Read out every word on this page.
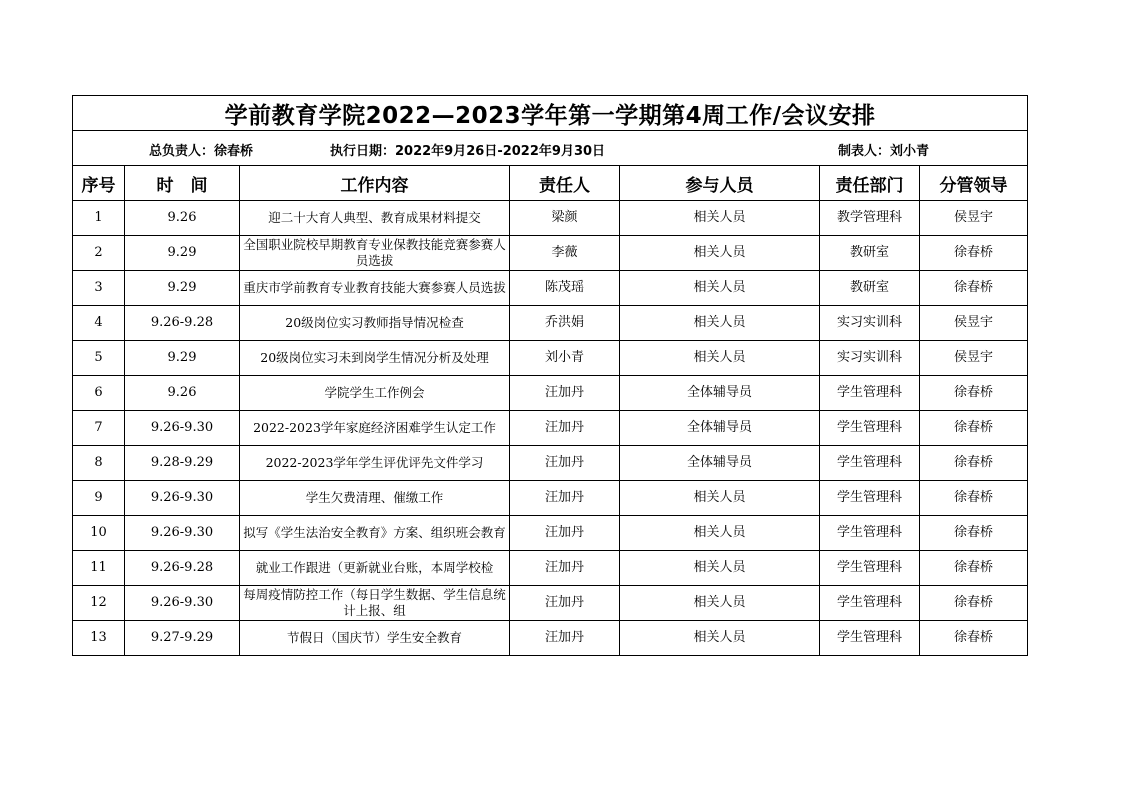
学前教育学院2022—2023学年第一学期第4周工作/会议安排						

总负责人：徐春桥 执行日期：2022年9月26日-2022年9月30日 制表人：刘小青						

序号	时　间	工作内容	责任人	参与人员	责任部门	分管领导
1	9.26	迎二十大育人典型、教育成果材料提交	梁颜	相关人员	教学管理科	侯昱宇
2	9.29	全国职业院校早期教育专业保教技能竞赛参赛人员选拔	李薇	相关人员	教研室	徐春桥
3	9.29	重庆市学前教育专业教育技能大赛参赛人员选拔	陈茂瑶	相关人员	教研室	徐春桥
4	9.26-9.28	20级岗位实习教师指导情况检查	乔洪娟	相关人员	实习实训科	侯昱宇
5	9.29	20级岗位实习未到岗学生情况分析及处理	刘小青	相关人员	实习实训科	侯昱宇
6	9.26	学院学生工作例会	汪加丹	全体辅导员	学生管理科	徐春桥
7	9.26-9.30	2022-2023学年家庭经济困难学生认定工作	汪加丹	全体辅导员	学生管理科	徐春桥
8	9.28-9.29	2022-2023学年学生评优评先文件学习	汪加丹	全体辅导员	学生管理科	徐春桥
9	9.26-9.30	学生欠费清理、催缴工作	汪加丹	相关人员	学生管理科	徐春桥
10	9.26-9.30	拟写《学生法治安全教育》方案、组织班会教育	汪加丹	相关人员	学生管理科	徐春桥
11	9.26-9.28	就业工作跟进（更新就业台账，本周学校检	汪加丹	相关人员	学生管理科	徐春桥
12	9.26-9.30	每周疫情防控工作（每日学生数据、学生信息统计上报、组	汪加丹	相关人员	学生管理科	徐春桥
13	9.27-9.29	节假日（国庆节）学生安全教育	汪加丹	相关人员	学生管理科	徐春桥
